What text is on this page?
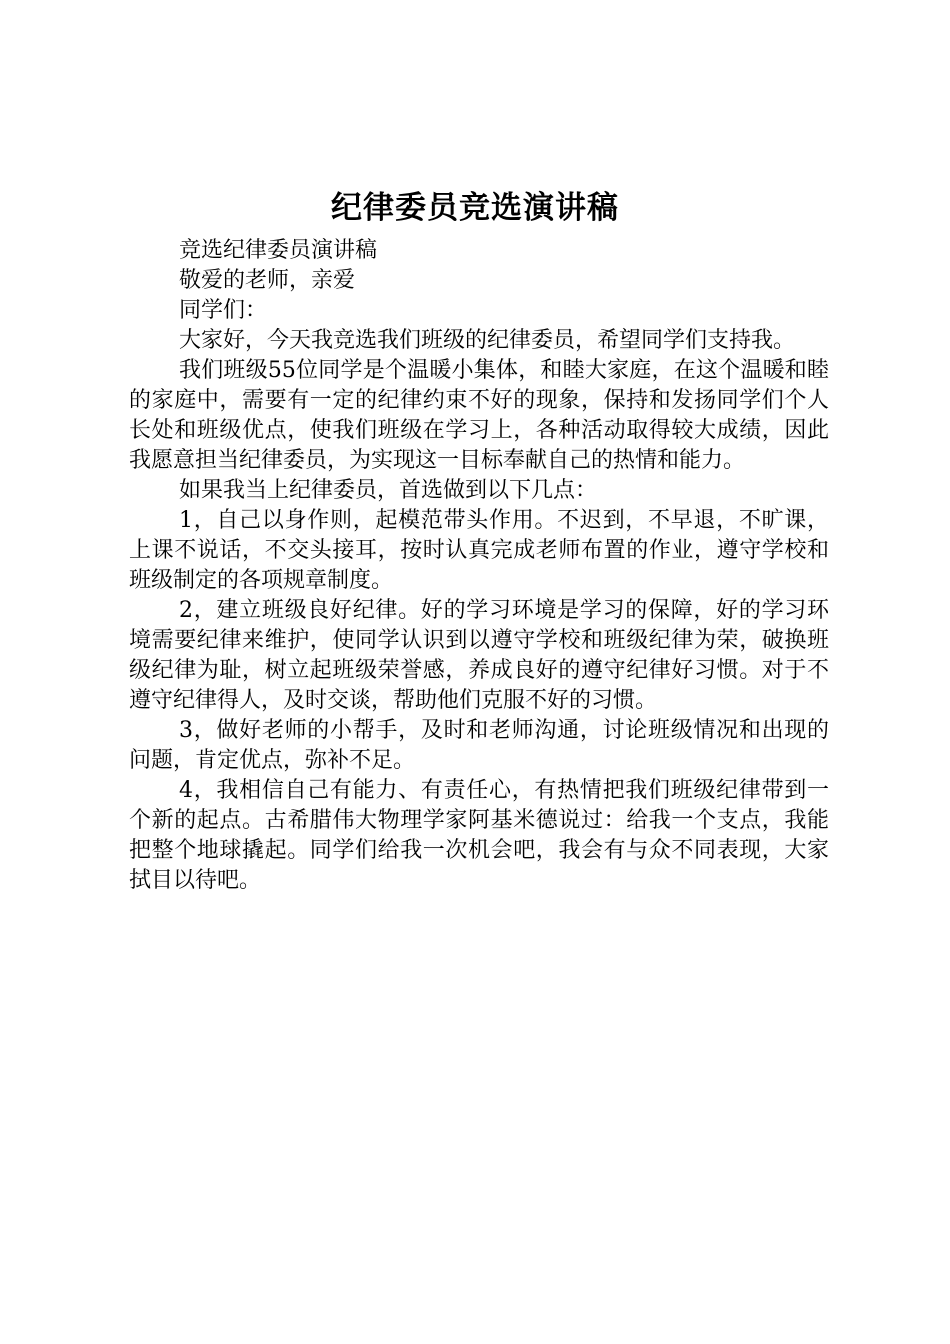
纪律委员竞选演讲稿

竞选纪律委员演讲稿

敬爱的老师，亲爱

同学们：

大家好，今天我竞选我们班级的纪律委员，希望同学们支持我。

我们班级55位同学是个温暖小集体，和睦大家庭，在这个温暖和睦的家庭中，需要有一定的纪律约束不好的现象，保持和发扬同学们个人长处和班级优点，使我们班级在学习上，各种活动取得较大成绩，因此我愿意担当纪律委员，为实现这一目标奉献自己的热情和能力。

如果我当上纪律委员，首选做到以下几点：

1，自己以身作则，起模范带头作用。不迟到，不早退，不旷课，上课不说话，不交头接耳，按时认真完成老师布置的作业，遵守学校和班级制定的各项规章制度。

2，建立班级良好纪律。好的学习环境是学习的保障，好的学习环境需要纪律来维护，使同学认识到以遵守学校和班级纪律为荣，破换班级纪律为耻，树立起班级荣誉感，养成良好的遵守纪律好习惯。对于不遵守纪律得人，及时交谈，帮助他们克服不好的习惯。

3，做好老师的小帮手，及时和老师沟通，讨论班级情况和出现的问题，肯定优点，弥补不足。

4，我相信自己有能力、有责任心，有热情把我们班级纪律带到一个新的起点。古希腊伟大物理学家阿基米德说过：给我一个支点，我能把整个地球撬起。同学们给我一次机会吧，我会有与众不同表现，大家拭目以待吧。
